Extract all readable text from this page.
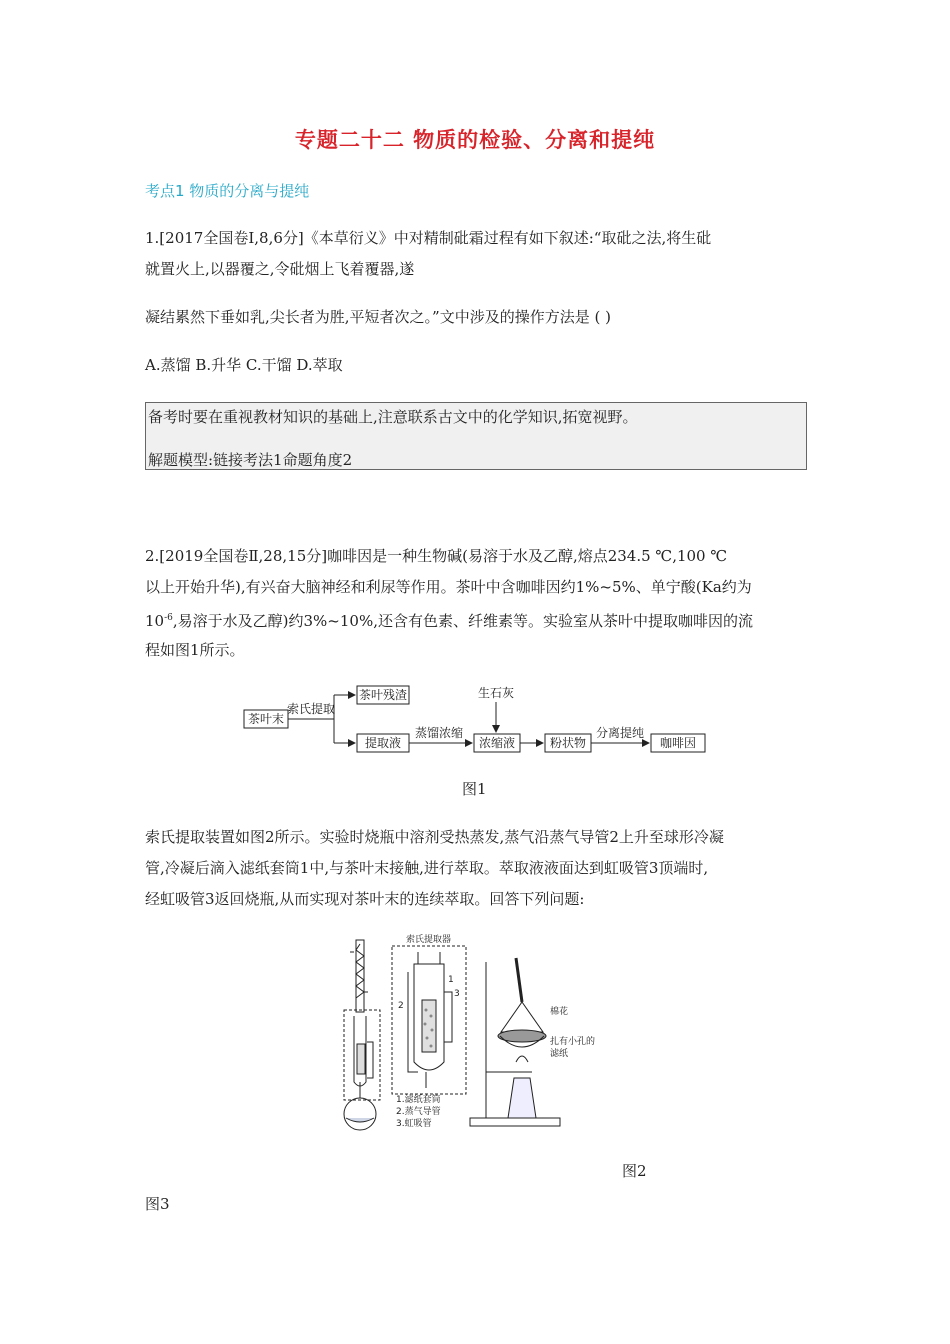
专题二十二 物质的检验、分离和提纯
考点1 物质的分离与提纯
1.[2017全国卷Ⅰ,8,6分]《本草衍义》中对精制砒霜过程有如下叙述:“取砒之法,将生砒
就置火上,以器覆之,令砒烟上飞着覆器,遂
凝结累然下垂如乳,尖长者为胜,平短者次之。”文中涉及的操作方法是 ( )
A.蒸馏 B.升华 C.干馏 D.萃取
备考时要在重视教材知识的基础上,注意联系古文中的化学知识,拓宽视野。
解题模型:链接考法1命题角度2
2.[2019全国卷Ⅱ,28,15分]咖啡因是一种生物碱(易溶于水及乙醇,熔点234.5 ℃,100 ℃
以上开始升华),有兴奋大脑神经和利尿等作用。茶叶中含咖啡因约1%~5%、单宁酸(Ka约为
$10^{-6}$,易溶于水及乙醇)约3%~10%,还含有色素、纤维素等。实验室从茶叶中提取咖啡因的流
程如图1所示。
茶叶末
索氏提取
茶叶残渣
提取液
蒸馏浓缩
生石灰
浓缩液	粉状物
分离提纯
咖啡因
图1
索氏提取装置如图2所示。实验时烧瓶中溶剂受热蒸发,蒸气沿蒸气导管2上升至球形冷凝
管,冷凝后滴入滤纸套筒1中,与茶叶末接触,进行萃取。萃取液液面达到虹吸管3顶端时,
经虹吸管3返回烧瓶,从而实现对茶叶末的连续萃取。回答下列问题:
索氏提取器
1
2
3
1.滤纸套筒
2.蒸气导管
3.虹吸管
棉花
扎有小孔的
滤纸
图2
图3
